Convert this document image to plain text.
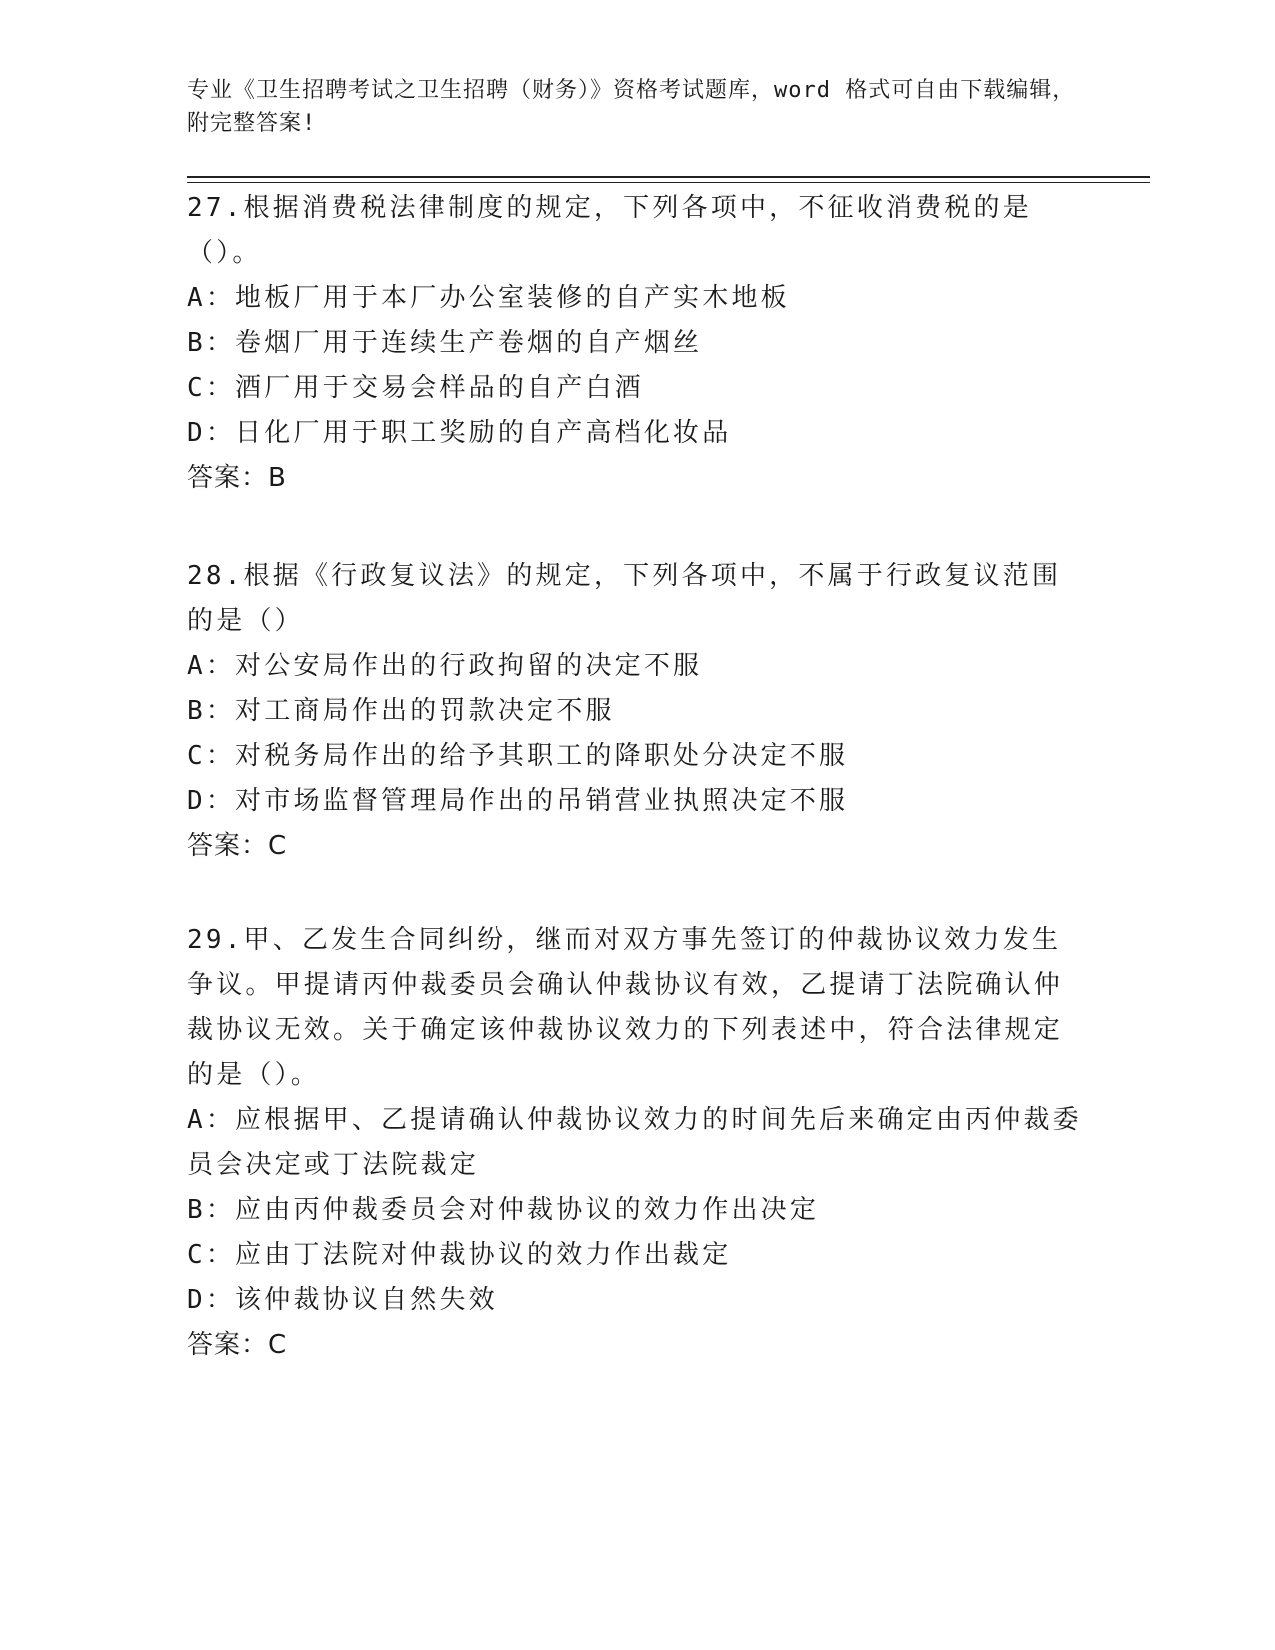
专业《卫生招聘考试之卫生招聘（财务）》资格考试题库，word 格式可自由下载编辑，附完整答案!

27.根据消费税法律制度的规定，下列各项中，不征收消费税的是（）。

A：地板厂用于本厂办公室装修的自产实木地板

B：卷烟厂用于连续生产卷烟的自产烟丝

C：酒厂用于交易会样品的自产白酒

D：日化厂用于职工奖励的自产高档化妆品

答案：B

28.根据《行政复议法》的规定，下列各项中，不属于行政复议范围的是（）

A：对公安局作出的行政拘留的决定不服

B：对工商局作出的罚款决定不服

C：对税务局作出的给予其职工的降职处分决定不服

D：对市场监督管理局作出的吊销营业执照决定不服

答案：C

29.甲、乙发生合同纠纷，继而对双方事先签订的仲裁协议效力发生争议。甲提请丙仲裁委员会确认仲裁协议有效，乙提请丁法院确认仲裁协议无效。关于确定该仲裁协议效力的下列表述中，符合法律规定的是（）。

A：应根据甲、乙提请确认仲裁协议效力的时间先后来确定由丙仲裁委员会决定或丁法院裁定

B：应由丙仲裁委员会对仲裁协议的效力作出决定

C：应由丁法院对仲裁协议的效力作出裁定

D：该仲裁协议自然失效

答案：C
